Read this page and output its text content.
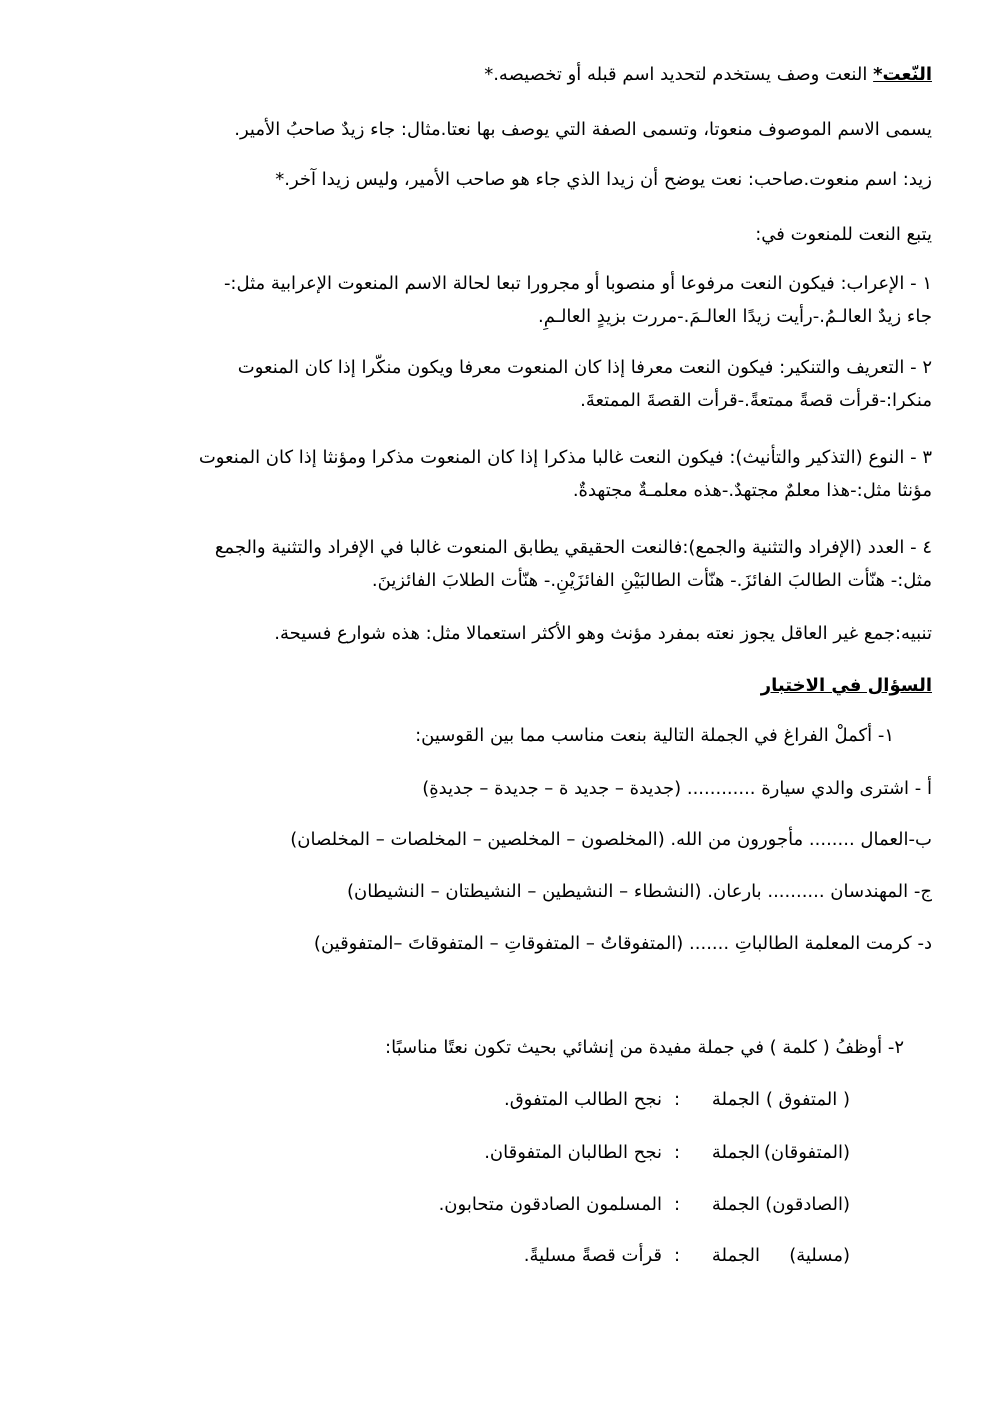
النّعت* النعت وصف يستخدم لتحديد اسم قبله أو تخصيصه.*
يسمى الاسم الموصوف منعوتا، وتسمى الصفة التي يوصف بها نعتا.مثال: جاء زيدٌ صاحبُ الأمير.
زيد: اسم منعوت.صاحب: نعت يوضح أن زيدا الذي جاء هو صاحب الأمير، وليس زيدا آخر.*
يتبع النعت للمنعوت في:
١ - الإعراب: فيكون النعت مرفوعا أو منصوبا أو مجرورا تبعا لحالة الاسم المنعوت الإعرابية مثل:-
جاء زيدٌ العالـمُ.-رأيت زيدًا العالـمَ.-مررت بزيدٍ العالـمِ.
٢ - التعريف والتنكير: فيكون النعت معرفا إذا كان المنعوت معرفا ويكون منكّرا إذا كان المنعوت
منكرا:-قرأت قصةً ممتعةً.-قرأت القصةَ الممتعةَ.
٣ - النوع (التذكير والتأنيث): فيكون النعت غالبا مذكرا إذا كان المنعوت مذكرا ومؤنثا إذا كان المنعوت
مؤنثا مثل:-هذا معلمٌ مجتهدٌ.-هذه معلمـةٌ مجتهدةٌ.
٤ - العدد (الإفراد والتثنية والجمع):فالنعت الحقيقي يطابق المنعوت غالبا في الإفراد والتثنية والجمع
مثل:- هنّأت الطالبَ الفائزَ.- هنّأت الطالبَيْنِ الفائزَيْنِ.- هنّأت الطلابَ الفائزينَ.
تنبيه:جمع غير العاقل يجوز نعته بمفرد مؤنث وهو الأكثر استعمالا مثل: هذه شوارع فسيحة.
السؤال في الاختبار
١- أكملْ الفراغ في الجملة التالية بنعت مناسب مما بين القوسين:
أ - اشترى والدي سيارة ............ (جديدة – جديد ة – جديدة – جديدةِ)
ب-العمال ........ مأجورون من الله. (المخلصون – المخلصين – المخلصات – المخلصان)
ج- المهندسان .......... بارعان. (النشطاء – النشيطين – النشيطتان – النشيطان)
د- كرمت المعلمة الطالباتِ ....... (المتفوقاتُ – المتفوقاتِ – المتفوقاتَ –المتفوقين)
٢- أوظفُ ( كلمة ) في جملة مفيدة من إنشائي بحيث تكون نعتًا مناسبًا:
( المتفوق )الجملة:نجح الطالب المتفوق.
(المتفوقان)الجملة:نجح الطالبان المتفوقان.
(الصادقون)الجملة:المسلمون الصادقون متحابون.
(مسلية)الجملة:قرأت قصةً مسليةً.
